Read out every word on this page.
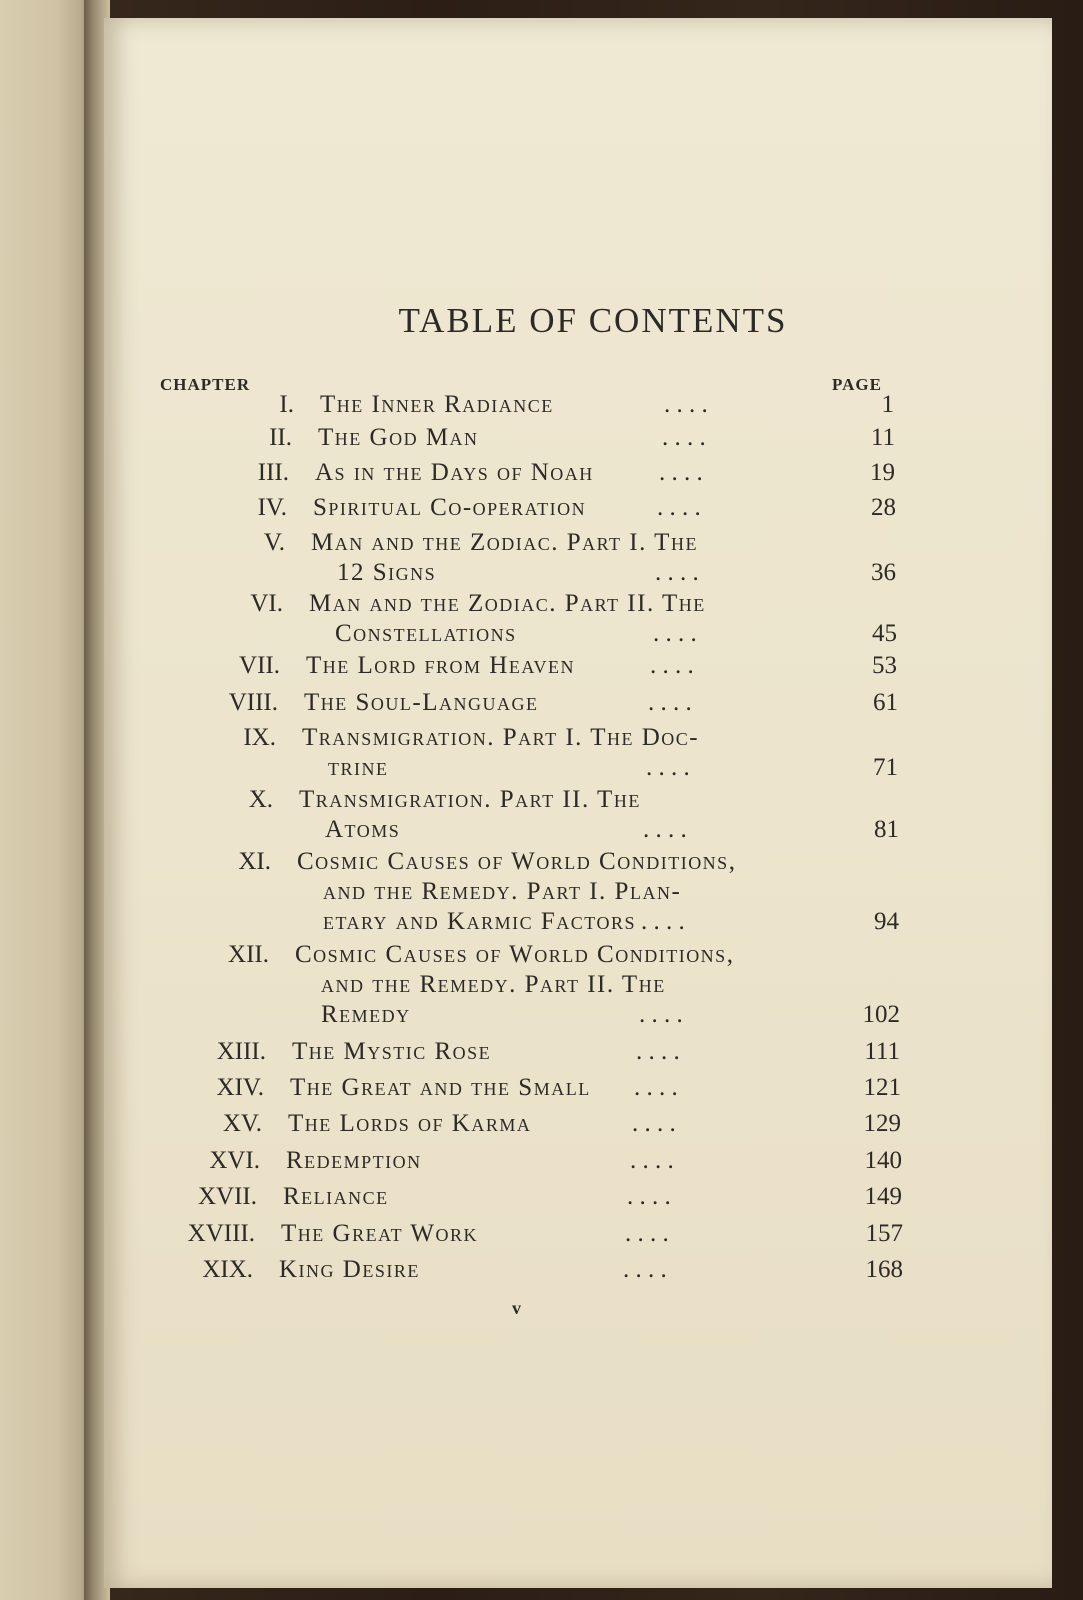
TABLE OF CONTENTS
CHAPTER	PAGE
I. The Inner Radiance	. . . .	1
II. The God Man	. . . .	11
III. As in the Days of Noah	. . . .	19
IV. Spiritual Co-operation	. . . .	28
V. Man and the Zodiac. Part I. The
12 Signs	. . . .	36
VI. Man and the Zodiac. Part II. The
Constellations	. . . .	45
VII. The Lord from Heaven	. . . .	53
VIII. The Soul-Language	. . . .	61
IX. Transmigration. Part I. The Doc-
trine	. . . .	71
X. Transmigration. Part II. The
Atoms	. . . .	81
XI. Cosmic Causes of World Conditions,
and the Remedy. Part I. Plan-
etary and Karmic Factors . . . .	94
XII. Cosmic Causes of World Conditions,
and the Remedy. Part II. The
Remedy	. . . .	102
XIII. The Mystic Rose	. . . .	111
XIV. The Great and the Small . . . .	121
XV. The Lords of Karma	. . . .	129
XVI. Redemption	. . . .	140
XVII. Reliance	. . . .	149
XVIII. The Great Work	. . . .	157
XIX. King Desire	. . . .	168
v
